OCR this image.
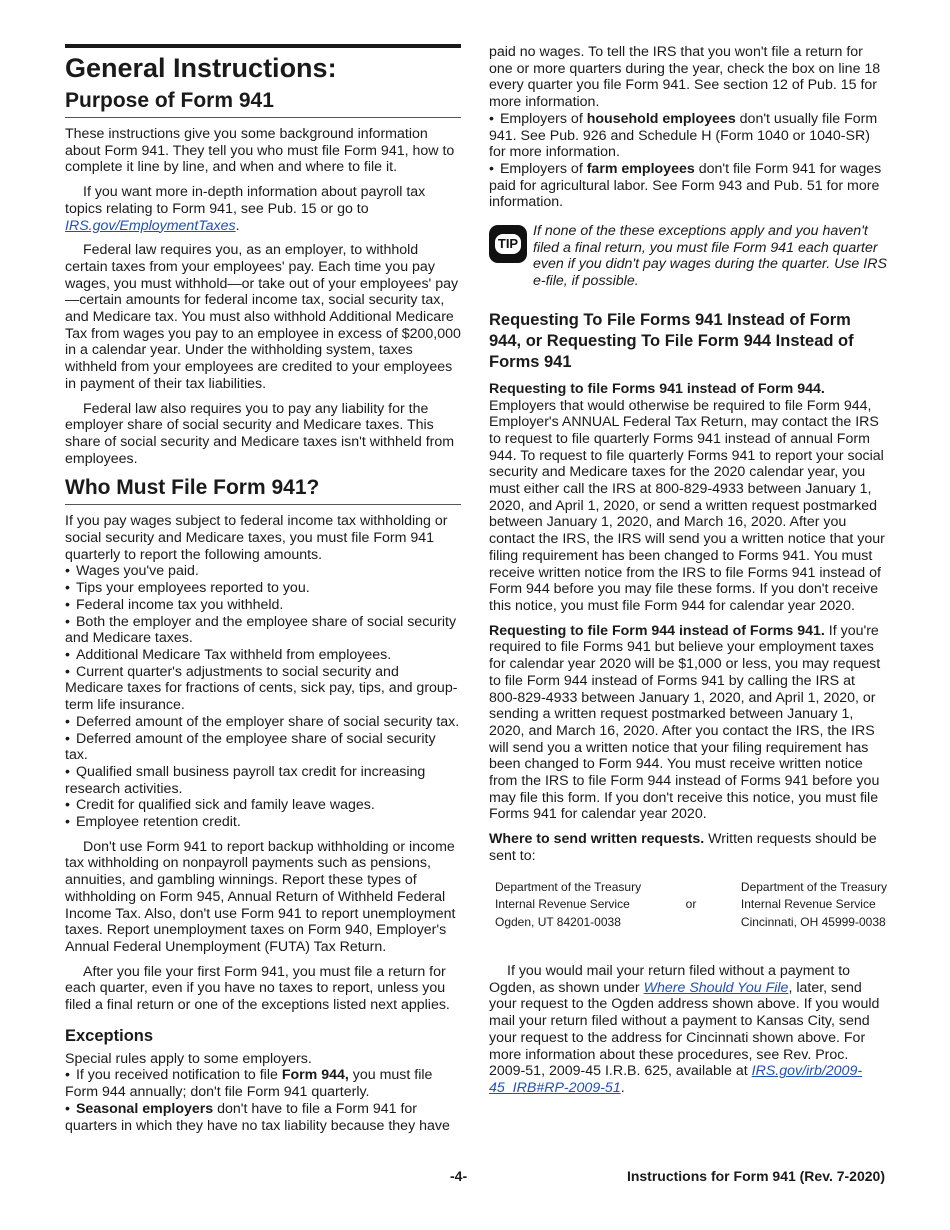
General Instructions:
Purpose of Form 941

These instructions give you some background information about Form 941. They tell you who must file Form 941, how to complete it line by line, and when and where to file it.

If you want more in-depth information about payroll tax topics relating to Form 941, see Pub. 15 or go to IRS.gov/EmploymentTaxes.

Federal law requires you, as an employer, to withhold certain taxes from your employees' pay. Each time you pay wages, you must withhold—or take out of your employees' pay—certain amounts for federal income tax, social security tax, and Medicare tax. You must also withhold Additional Medicare Tax from wages you pay to an employee in excess of $200,000 in a calendar year. Under the withholding system, taxes withheld from your employees are credited to your employees in payment of their tax liabilities.

Federal law also requires you to pay any liability for the employer share of social security and Medicare taxes. This share of social security and Medicare taxes isn't withheld from employees.

Who Must File Form 941?

If you pay wages subject to federal income tax withholding or social security and Medicare taxes, you must file Form 941 quarterly to report the following amounts.

• Wages you've paid.
• Tips your employees reported to you.
• Federal income tax you withheld.
• Both the employer and the employee share of social security and Medicare taxes.
• Additional Medicare Tax withheld from employees.
• Current quarter's adjustments to social security and Medicare taxes for fractions of cents, sick pay, tips, and group-term life insurance.
• Deferred amount of the employer share of social security tax.
• Deferred amount of the employee share of social security tax.
• Qualified small business payroll tax credit for increasing research activities.
• Credit for qualified sick and family leave wages.
• Employee retention credit.

Don't use Form 941 to report backup withholding or income tax withholding on nonpayroll payments such as pensions, annuities, and gambling winnings. Report these types of withholding on Form 945, Annual Return of Withheld Federal Income Tax. Also, don't use Form 941 to report unemployment taxes. Report unemployment taxes on Form 940, Employer's Annual Federal Unemployment (FUTA) Tax Return.

After you file your first Form 941, you must file a return for each quarter, even if you have no taxes to report, unless you filed a final return or one of the exceptions listed next applies.

Exceptions

Special rules apply to some employers.

• If you received notification to file Form 944, you must file Form 944 annually; don't file Form 941 quarterly.
• Seasonal employers don't have to file a Form 941 for quarters in which they have no tax liability because they have

paid no wages. To tell the IRS that you won't file a return for one or more quarters during the year, check the box on line 18 every quarter you file Form 941. See section 12 of Pub. 15 for more information.

• Employers of household employees don't usually file Form 941. See Pub. 926 and Schedule H (Form 1040 or 1040-SR) for more information.
• Employers of farm employees don't file Form 941 for wages paid for agricultural labor. See Form 943 and Pub. 51 for more information.
TIP
If none of the these exceptions apply and you haven't filed a final return, you must file Form 941 each quarter even if you didn't pay wages during the quarter. Use IRS e-file, if possible.
Requesting To File Forms 941 Instead of Form 944, or Requesting To File Form 944 Instead of Forms 941

Requesting to file Forms 941 instead of Form 944. Employers that would otherwise be required to file Form 944, Employer's ANNUAL Federal Tax Return, may contact the IRS to request to file quarterly Forms 941 instead of annual Form 944. To request to file quarterly Forms 941 to report your social security and Medicare taxes for the 2020 calendar year, you must either call the IRS at 800-829-4933 between January 1, 2020, and April 1, 2020, or send a written request postmarked between January 1, 2020, and March 16, 2020. After you contact the IRS, the IRS will send you a written notice that your filing requirement has been changed to Forms 941. You must receive written notice from the IRS to file Forms 941 instead of Form 944 before you may file these forms. If you don't receive this notice, you must file Form 944 for calendar year 2020.

Requesting to file Form 944 instead of Forms 941. If you're required to file Forms 941 but believe your employment taxes for calendar year 2020 will be $1,000 or less, you may request to file Form 944 instead of Forms 941 by calling the IRS at 800-829-4933 between January 1, 2020, and April 1, 2020, or sending a written request postmarked between January 1, 2020, and March 16, 2020. After you contact the IRS, the IRS will send you a written notice that your filing requirement has been changed to Form 944. You must receive written notice from the IRS to file Form 944 instead of Forms 941 before you may file this form. If you don't receive this notice, you must file Forms 941 for calendar year 2020.

Where to send written requests. Written requests should be sent to:

Department of the Treasury
Internal Revenue Service
Ogden, UT 84201-0038
or
Department of the Treasury
Internal Revenue Service
Cincinnati, OH 45999-0038

If you would mail your return filed without a payment to Ogden, as shown under Where Should You File, later, send your request to the Ogden address shown above. If you would mail your return filed without a payment to Kansas City, send your request to the address for Cincinnati shown above. For more information about these procedures, see Rev. Proc. 2009-51, 2009-45 I.R.B. 625, available at IRS.gov/irb/2009-45_IRB#RP-2009-51.

-4-	Instructions for Form 941 (Rev. 7-2020)
